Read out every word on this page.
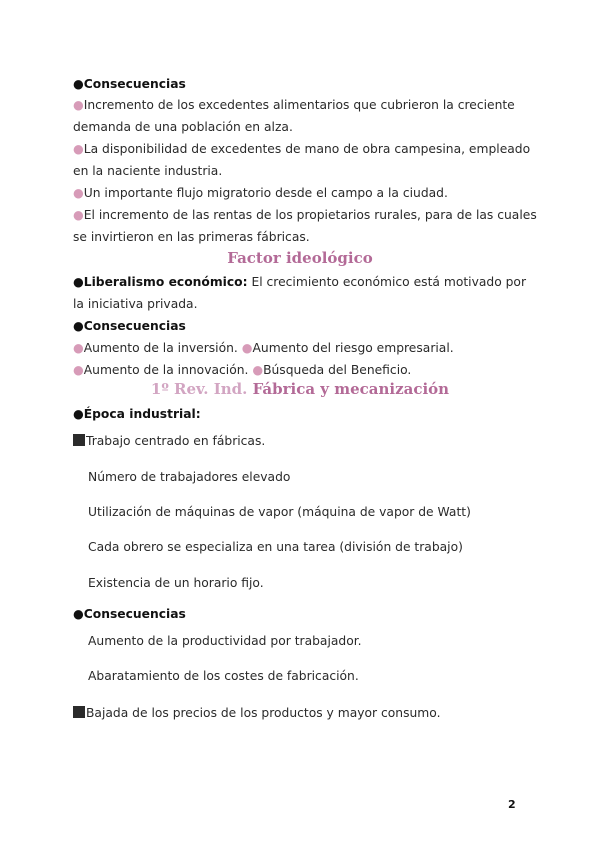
●Consecuencias
●Incremento de los excedentes alimentarios que cubrieron la creciente
demanda de una población en alza.
●La disponibilidad de excedentes de mano de obra campesina, empleado
en la naciente industria.
●Un importante flujo migratorio desde el campo a la ciudad.
●El incremento de las rentas de los propietarios rurales, para de las cuales
se invirtieron en las primeras fábricas.
Factor ideológico
●Liberalismo económico: El crecimiento económico está motivado por
la iniciativa privada.
●Consecuencias
●Aumento de la inversión. ●Aumento del riesgo empresarial.
●Aumento de la innovación. ●Búsqueda del Beneficio.
1º Rev. Ind. Fábrica y mecanización
●Época industrial:
Trabajo centrado en fábricas.
Número de trabajadores elevado
Utilización de máquinas de vapor (máquina de vapor de Watt)
Cada obrero se especializa en una tarea (división de trabajo)
Existencia de un horario fijo.
●Consecuencias
Aumento de la productividad por trabajador.
Abaratamiento de los costes de fabricación.
Bajada de los precios de los productos y mayor consumo.
2
